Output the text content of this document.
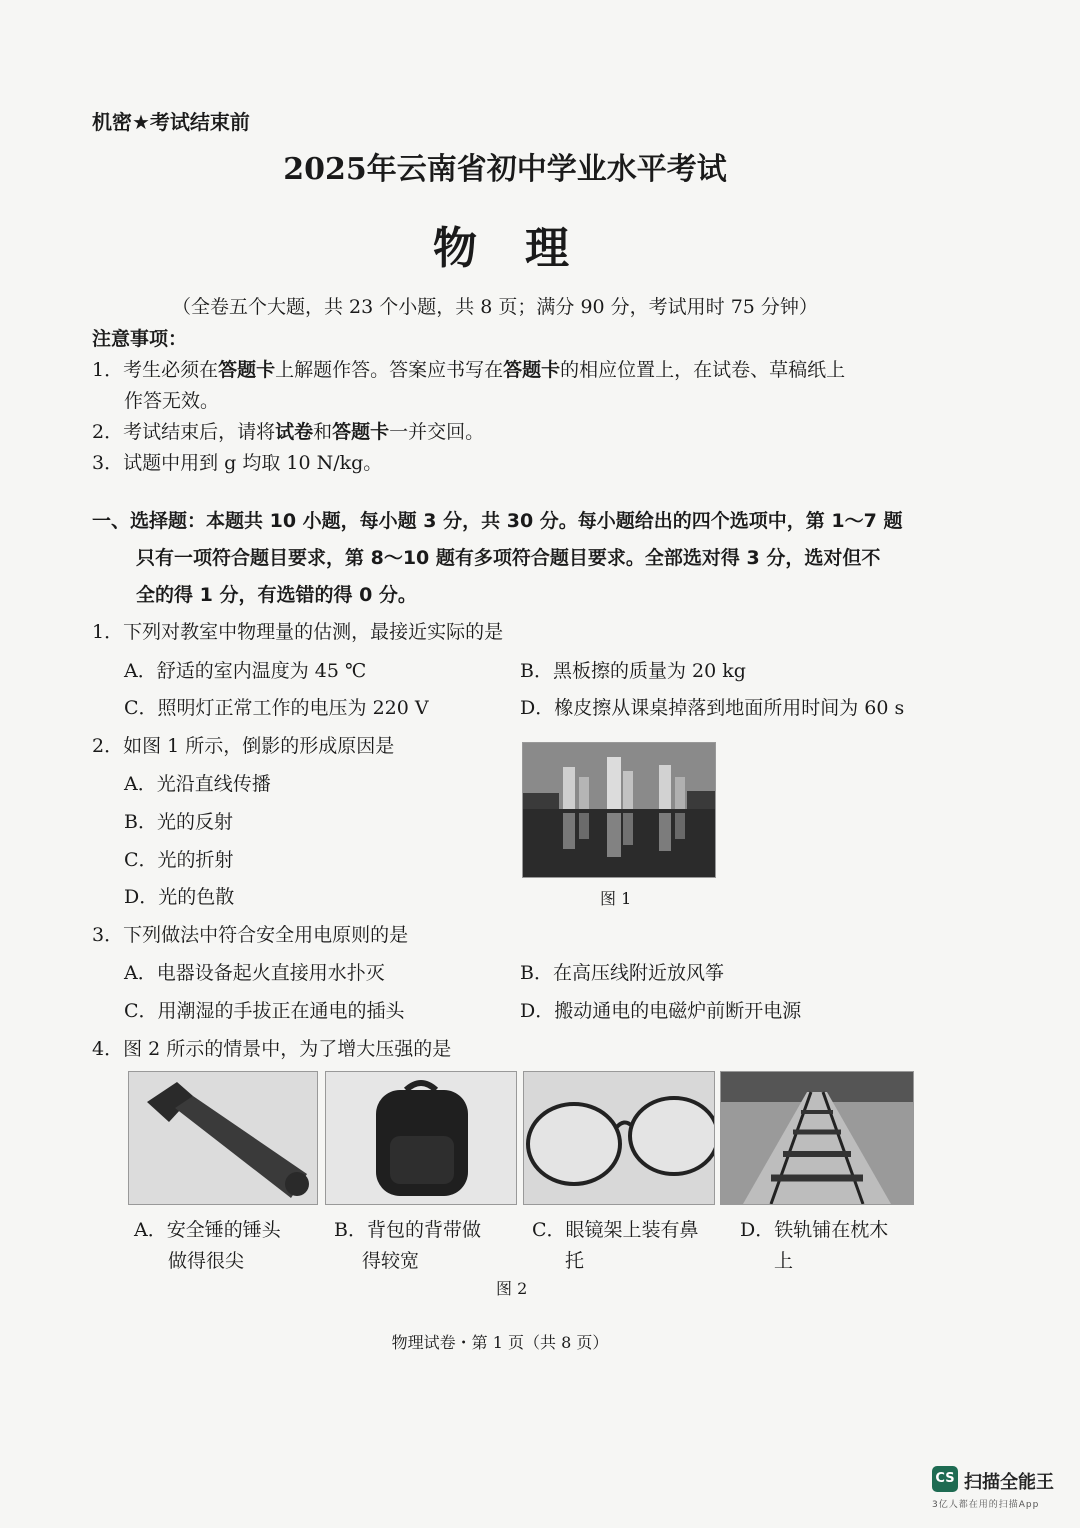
机密★考试结束前
2025年云南省初中学业水平考试
物 理
（全卷五个大题，共 23 个小题，共 8 页；满分 90 分，考试用时 75 分钟）
注意事项：
1．考生必须在答题卡上解题作答。答案应书写在答题卡的相应位置上，在试卷、草稿纸上
作答无效。
2．考试结束后，请将试卷和答题卡一并交回。
3．试题中用到 g 均取 10 N/kg。
一、选择题：本题共 10 小题，每小题 3 分，共 30 分。每小题给出的四个选项中，第 1～7 题
只有一项符合题目要求，第 8～10 题有多项符合题目要求。全部选对得 3 分，选对但不
全的得 1 分，有选错的得 0 分。
1．下列对教室中物理量的估测，最接近实际的是
A．舒适的室内温度为 45 ℃	B．黑板擦的质量为 20 kg
C．照明灯正常工作的电压为 220 V	D．橡皮擦从课桌掉落到地面所用时间为 60 s
2．如图 1 所示，倒影的形成原因是
A．光沿直线传播
B．光的反射
C．光的折射
D．光的色散	图 1
3．下列做法中符合安全用电原则的是
A．电器设备起火直接用水扑灭	B．在高压线附近放风筝
C．用潮湿的手拔正在通电的插头	D．搬动通电的电磁炉前断开电源
4．图 2 所示的情景中，为了增大压强的是
A．安全锤的锤头
做得很尖
B．背包的背带做
得较宽
C．眼镜架上装有鼻
托
D．铁轨铺在枕木
上
图 2
物理试卷・第 1 页（共 8 页）
CS 扫描全能王
3亿人都在用的扫描App
